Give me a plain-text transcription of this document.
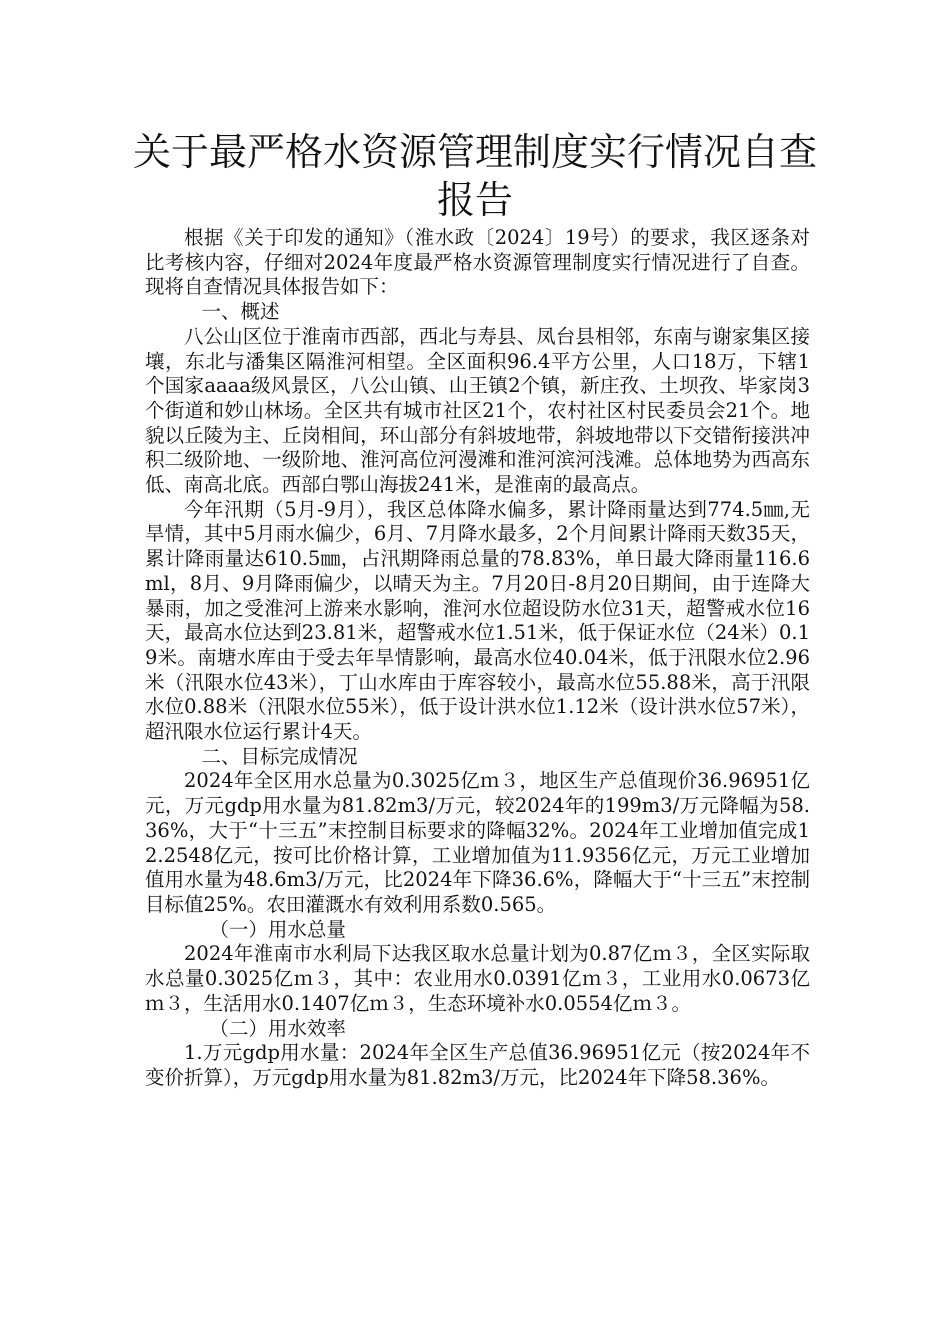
关于最严格水资源管理制度实行情况自查
报告

根据《关于印发的通知》（淮水政〔2024〕19号）的要求，我区逐条对比考核内容，仔细对2024年度最严格水资源管理制度实行情况进行了自查。现将自查情况具体报告如下：

一、概述

八公山区位于淮南市西部，西北与寿县、凤台县相邻，东南与谢家集区接壤，东北与潘集区隔淮河相望。全区面积96.4平方公里，人口18万，下辖1个国家aaaa级风景区，八公山镇、山王镇2个镇，新庄孜、土坝孜、毕家岗3个街道和妙山林场。全区共有城市社区21个，农村社区村民委员会21个。地貌以丘陵为主、丘岗相间，环山部分有斜坡地带，斜坡地带以下交错衔接洪冲积二级阶地、一级阶地、淮河高位河漫滩和淮河滨河浅滩。总体地势为西高东低、南高北底。西部白鄂山海拔241米，是淮南的最高点。

今年汛期（5月-9月），我区总体降水偏多，累计降雨量达到774.5㎜,无旱情，其中5月雨水偏少，6月、7月降水最多，2个月间累计降雨天数35天，累计降雨量达610.5㎜，占汛期降雨总量的78.83%，单日最大降雨量116.6ml，8月、9月降雨偏少，以晴天为主。7月20日-8月20日期间，由于连降大暴雨，加之受淮河上游来水影响，淮河水位超设防水位31天，超警戒水位16天，最高水位达到23.81米，超警戒水位1.51米，低于保证水位（24米）0.19米。南塘水库由于受去年旱情影响，最高水位40.04米，低于汛限水位2.96米（汛限水位43米），丁山水库由于库容较小，最高水位55.88米，高于汛限水位0.88米（汛限水位55米），低于设计洪水位1.12米（设计洪水位57米），超汛限水位运行累计4天。

二、目标完成情况

2024年全区用水总量为0.3025亿ｍ３，地区生产总值现价36.96951亿元，万元gdp用水量为81.82m3/万元，较2024年的199m3/万元降幅为58.36%，大于“十三五”末控制目标要求的降幅32%。2024年工业增加值完成12.2548亿元，按可比价格计算，工业增加值为11.9356亿元，万元工业增加值用水量为48.6m3/万元，比2024年下降36.6%，降幅大于“十三五”末控制目标值25%。农田灌溉水有效利用系数0.565。

（一）用水总量

2024年淮南市水利局下达我区取水总量计划为0.87亿ｍ３，全区实际取水总量0.3025亿ｍ３，其中：农业用水0.0391亿ｍ３，工业用水0.0673亿ｍ３，生活用水0.1407亿ｍ３，生态环境补水0.0554亿ｍ３。

（二）用水效率

1.万元gdp用水量：2024年全区生产总值36.96951亿元（按2024年不变价折算），万元gdp用水量为81.82m3/万元，比2024年下降58.36%。
